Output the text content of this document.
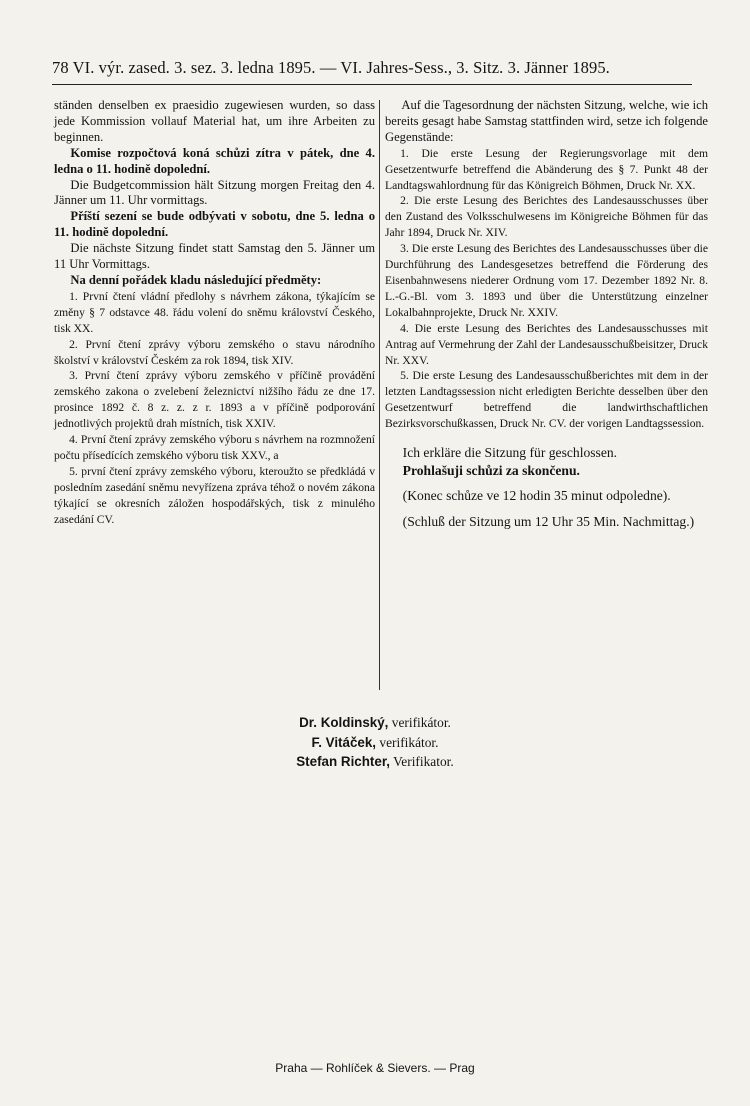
78 VI. výr. zased. 3. sez. 3. ledna 1895. — VI. Jahres-Sess., 3. Sitz. 3. Jänner 1895.

ständen denselben ex praesidio zugewiesen wurden, so dass jede Kommission vollauf Material hat, um ihre Arbeiten zu beginnen.

Komise rozpočtová koná schůzi zítra v pátek, dne 4. ledna o 11. hodině dopolední.

Die Budgetcommission hält Sitzung morgen Freitag den 4. Jänner um 11. Uhr vormittags.

Příští sezení se bude odbývati v sobotu, dne 5. ledna o 11. hodině dopolední.

Die nächste Sitzung findet statt Samstag den 5. Jänner um 11 Uhr Vormittags.

Na denní pořádek kladu následující předměty:

1. První čtení vládní předlohy s návrhem zákona, týkajícím se změny § 7 odstavce 48. řádu volení do sněmu království Českého, tisk XX.

2. První čtení zprávy výboru zemského o stavu národního školství v království Českém za rok 1894, tisk XIV.

3. První čtení zprávy výboru zemského v příčině provádění zemského zakona o zvelebení železnictví nižšího řádu ze dne 17. prosince 1892 č. 8 z. z. z r. 1893 a v příčině podporování jednotlivých projektů drah místních, tisk XXIV.

4. První čtení zprávy zemského výboru s návrhem na rozmnožení počtu přísedících zemského výboru tisk XXV., a

5. první čtení zprávy zemského výboru, kteroužto se předkládá v posledním zasedání sněmu nevyřízena zpráva téhož o novém zákona týkající se okresních záložen hospodářských, tisk z minulého zasedání CV.

Auf die Tagesordnung der nächsten Sitzung, welche, wie ich bereits gesagt habe Samstag stattfinden wird, setze ich folgende Gegenstände:

1. Die erste Lesung der Regierungsvorlage mit dem Gesetzentwurfe betreffend die Abänderung des § 7. Punkt 48 der Landtagswahlordnung für das Königreich Böhmen, Druck Nr. XX.

2. Die erste Lesung des Berichtes des Landesausschusses über den Zustand des Volksschulwesens im Königreiche Böhmen für das Jahr 1894, Druck Nr. XIV.

3. Die erste Lesung des Berichtes des Landesausschusses über die Durchführung des Landesgesetzes betreffend die Förderung des Eisenbahnwesens niederer Ordnung vom 17. Dezember 1892 Nr. 8. L.-G.-Bl. vom 3. 1893 und über die Unterstützung einzelner Lokalbahnprojekte, Druck Nr. XXIV.

4. Die erste Lesung des Berichtes des Landesausschusses mit Antrag auf Vermehrung der Zahl der Landesausschußbeisitzer, Druck Nr. XXV.

5. Die erste Lesung des Landesausschußberichtes mit dem in der letzten Landtagssession nicht erledigten Berichte desselben über den Gesetzentwurf betreffend die landwirthschaftlichen Bezirksvorschußkassen, Druck Nr. CV. der vorigen Landtagssession.

Ich erkläre die Sitzung für geschlossen.

Prohlašuji schůzi za skončenu.

(Konec schůze ve 12 hodin 35 minut odpoledne).

(Schluß der Sitzung um 12 Uhr 35 Min. Nachmittag.)

Dr. Koldinský, verifikátor.
F. Vitáček, verifikátor.
Stefan Richter, Verifikator.
Praha — Rohlíček & Sievers. — Prag
